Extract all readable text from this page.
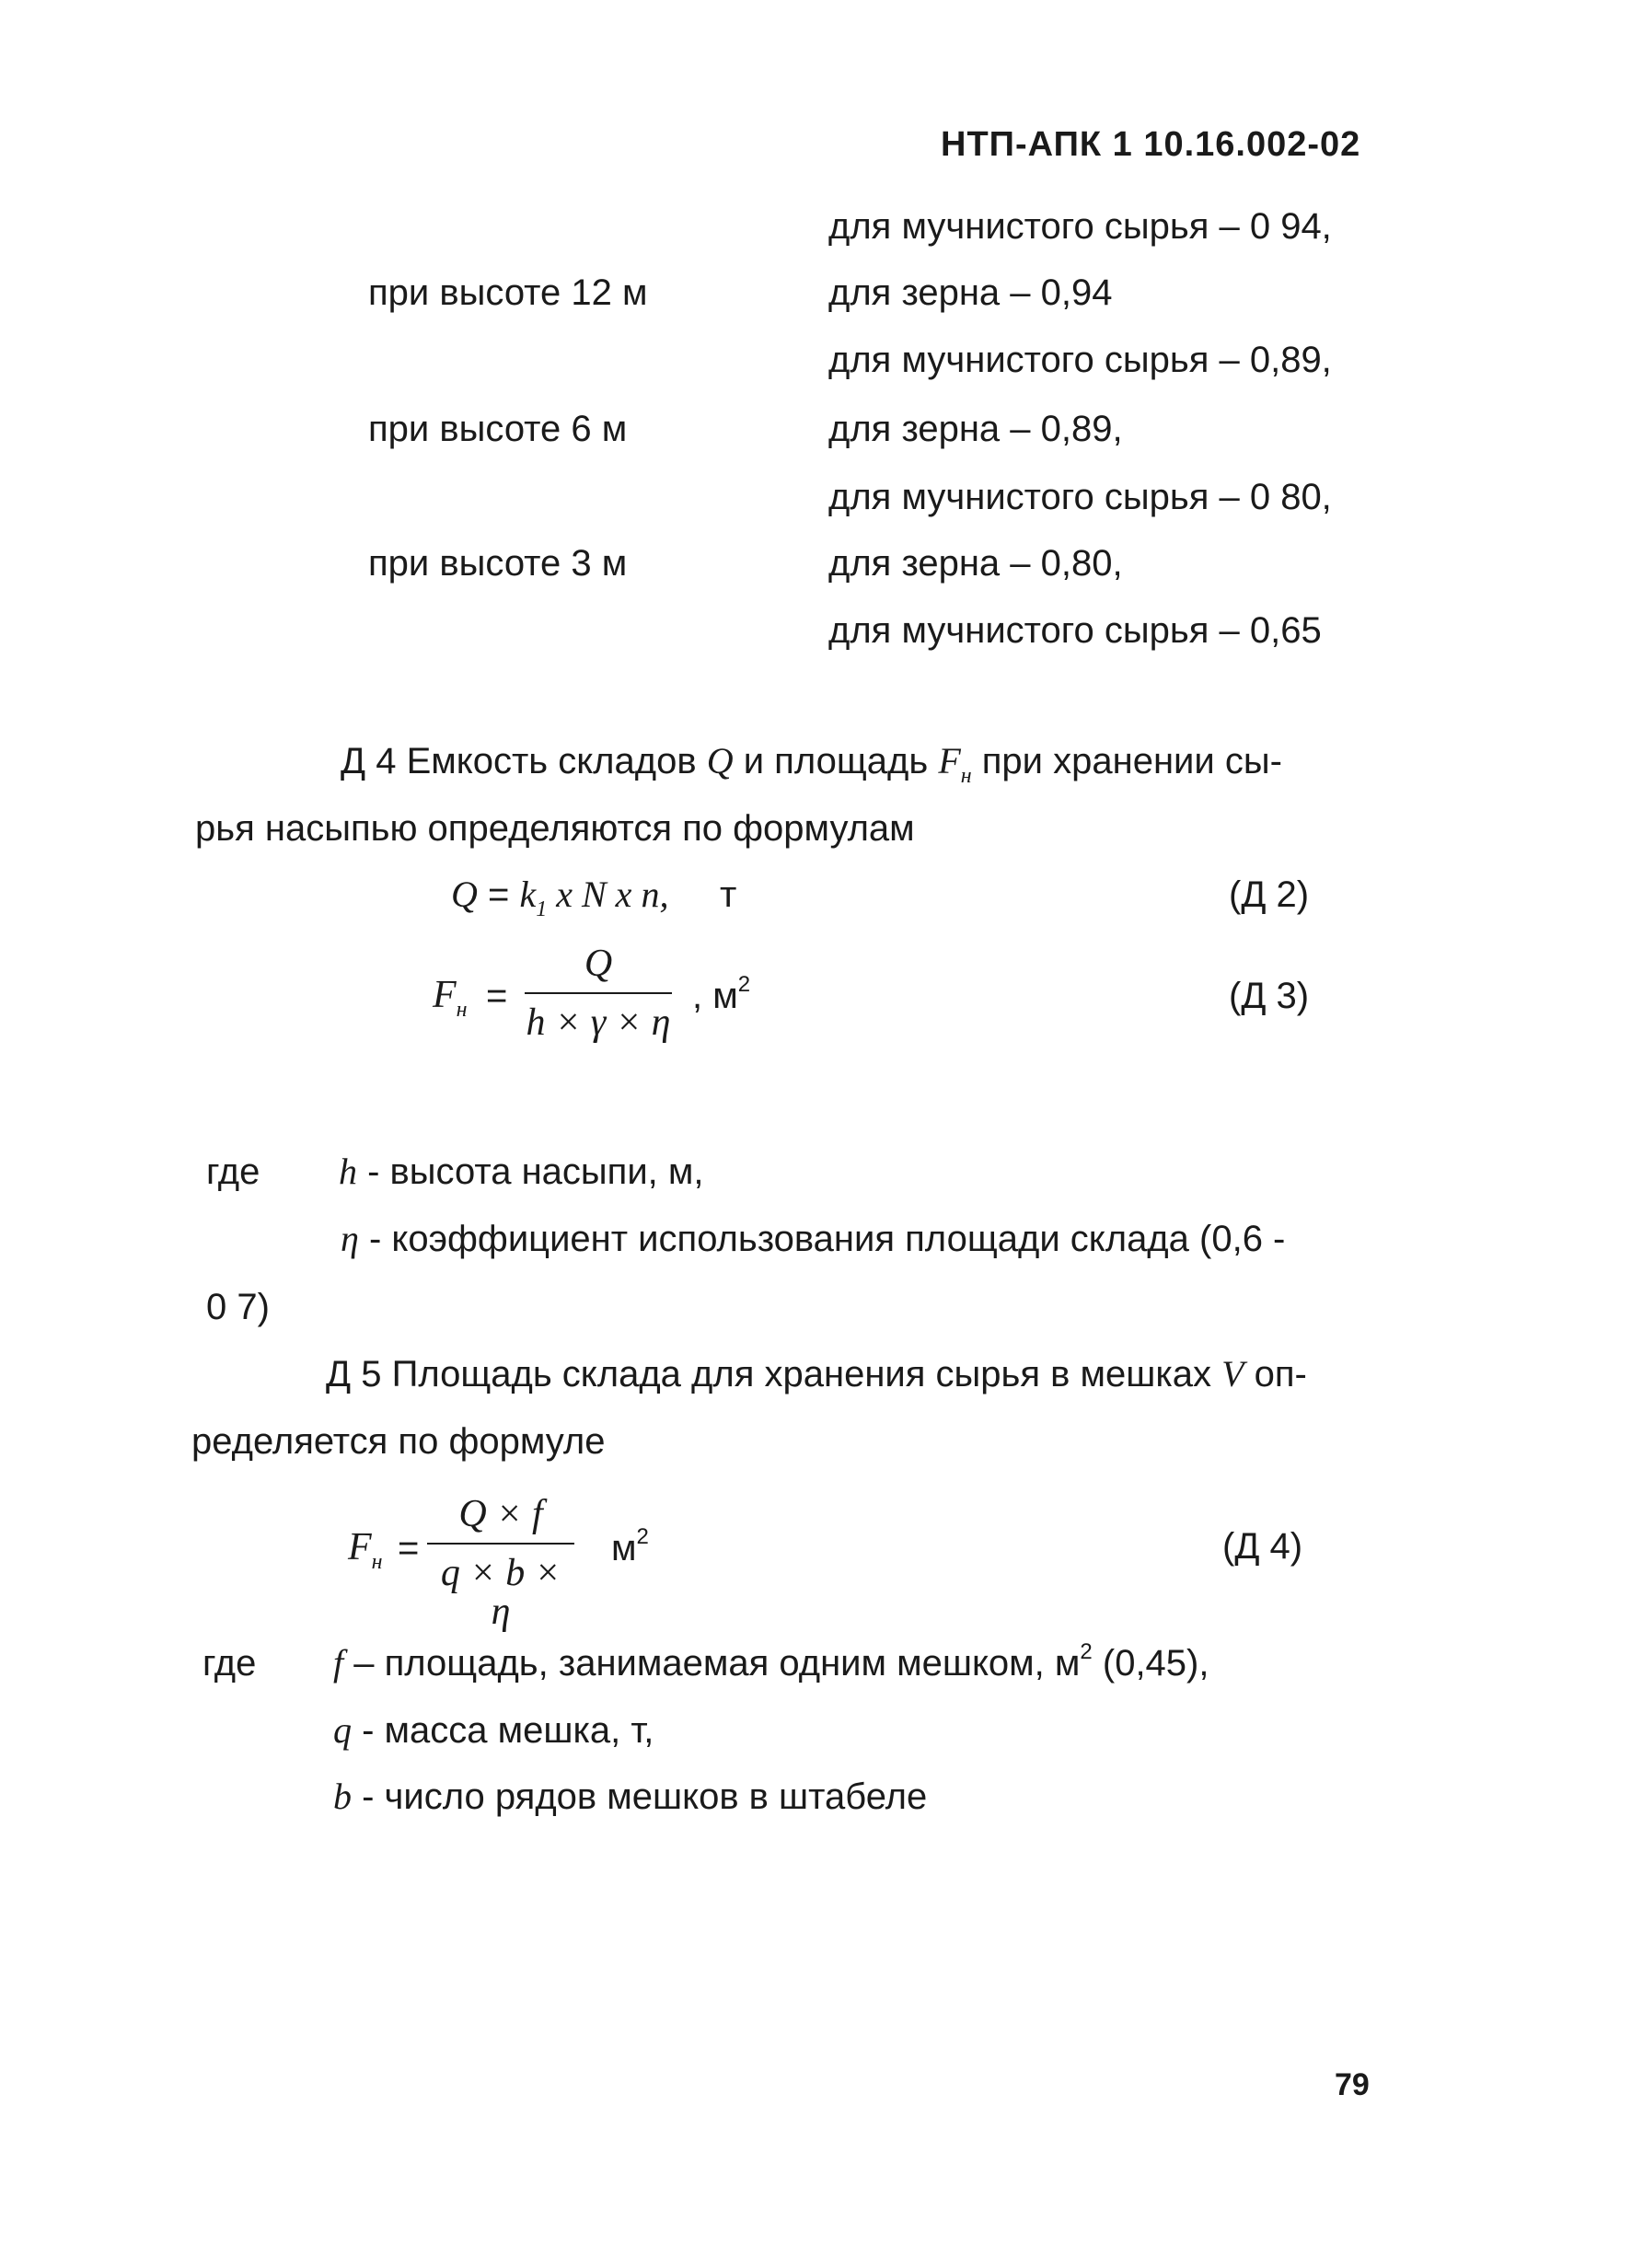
НТП-АПК 1 10.16.002-02
для мучнистого сырья – 0 94,
при высоте 12 м	для зерна – 0,94
для мучнистого сырья – 0,89,
при высоте 6 м	для зерна – 0,89,
для мучнистого сырья – 0 80,
при высоте 3 м	для зерна – 0,80,
для мучнистого сырья – 0,65
Д 4 Емкость складов Q и площадь $F_н$ при хранении сы-
рья насыпью определяются по формулам
$Q = k_1$ x N x n, т	(Д 2)
$F_н$ =
Q
h × γ × η
, $м^2$	(Д 3)
где h - высота насыпи, м,
η - коэффициент использования площади склада (0,6 -
0 7)
Д 5 Площадь склада для хранения сырья в мешках V оп-
ределяется по формуле
$F_н$ =
Q × f
q × b × η
$м^2$	(Д 4)
где f – площадь, занимаемая одним мешком, $м^2$ (0,45),
q - масса мешка, т,
b - число рядов мешков в штабеле
79
